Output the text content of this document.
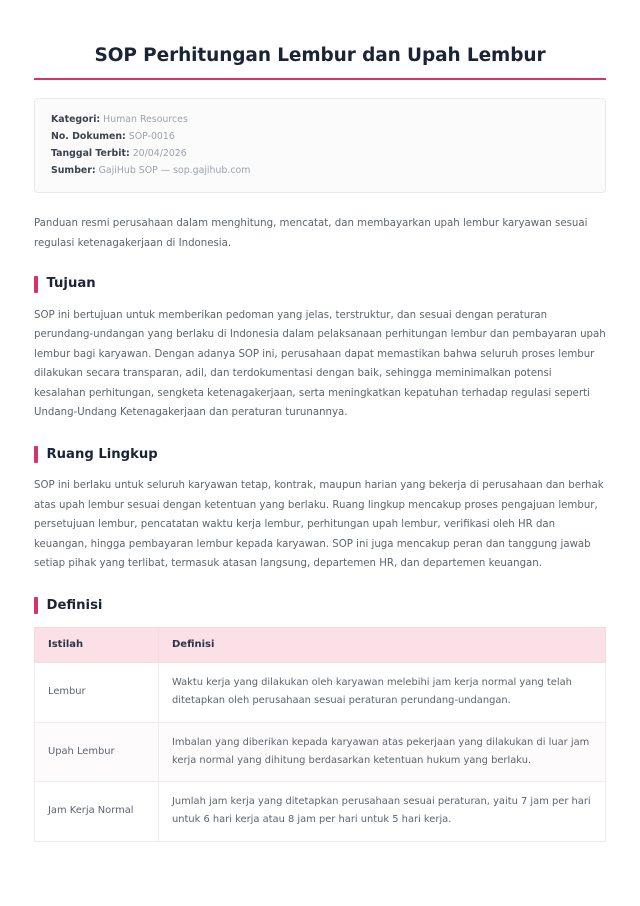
SOP Perhitungan Lembur dan Upah Lembur
Kategori: Human Resources
No. Dokumen: SOP-0016
Tanggal Terbit: 20/04/2026
Sumber: GajiHub SOP — sop.gajihub.com

Panduan resmi perusahaan dalam menghitung, mencatat, dan membayarkan upah lembur karyawan sesuai regulasi ketenagakerjaan di Indonesia.

Tujuan

SOP ini bertujuan untuk memberikan pedoman yang jelas, terstruktur, dan sesuai dengan peraturan perundang-undangan yang berlaku di Indonesia dalam pelaksanaan perhitungan lembur dan pembayaran upah lembur bagi karyawan. Dengan adanya SOP ini, perusahaan dapat memastikan bahwa seluruh proses lembur dilakukan secara transparan, adil, dan terdokumentasi dengan baik, sehingga meminimalkan potensi kesalahan perhitungan, sengketa ketenagakerjaan, serta meningkatkan kepatuhan terhadap regulasi seperti Undang-Undang Ketenagakerjaan dan peraturan turunannya.

Ruang Lingkup

SOP ini berlaku untuk seluruh karyawan tetap, kontrak, maupun harian yang bekerja di perusahaan dan berhak atas upah lembur sesuai dengan ketentuan yang berlaku. Ruang lingkup mencakup proses pengajuan lembur, persetujuan lembur, pencatatan waktu kerja lembur, perhitungan upah lembur, verifikasi oleh HR dan keuangan, hingga pembayaran lembur kepada karyawan. SOP ini juga mencakup peran dan tanggung jawab setiap pihak yang terlibat, termasuk atasan langsung, departemen HR, dan departemen keuangan.

Definisi
Istilah	Definisi
Lembur	Waktu kerja yang dilakukan oleh karyawan melebihi jam kerja normal yang telah ditetapkan oleh perusahaan sesuai peraturan perundang-undangan.
Upah Lembur	Imbalan yang diberikan kepada karyawan atas pekerjaan yang dilakukan di luar jam kerja normal yang dihitung berdasarkan ketentuan hukum yang berlaku.
Jam Kerja Normal	Jumlah jam kerja yang ditetapkan perusahaan sesuai peraturan, yaitu 7 jam per hari untuk 6 hari kerja atau 8 jam per hari untuk 5 hari kerja.
